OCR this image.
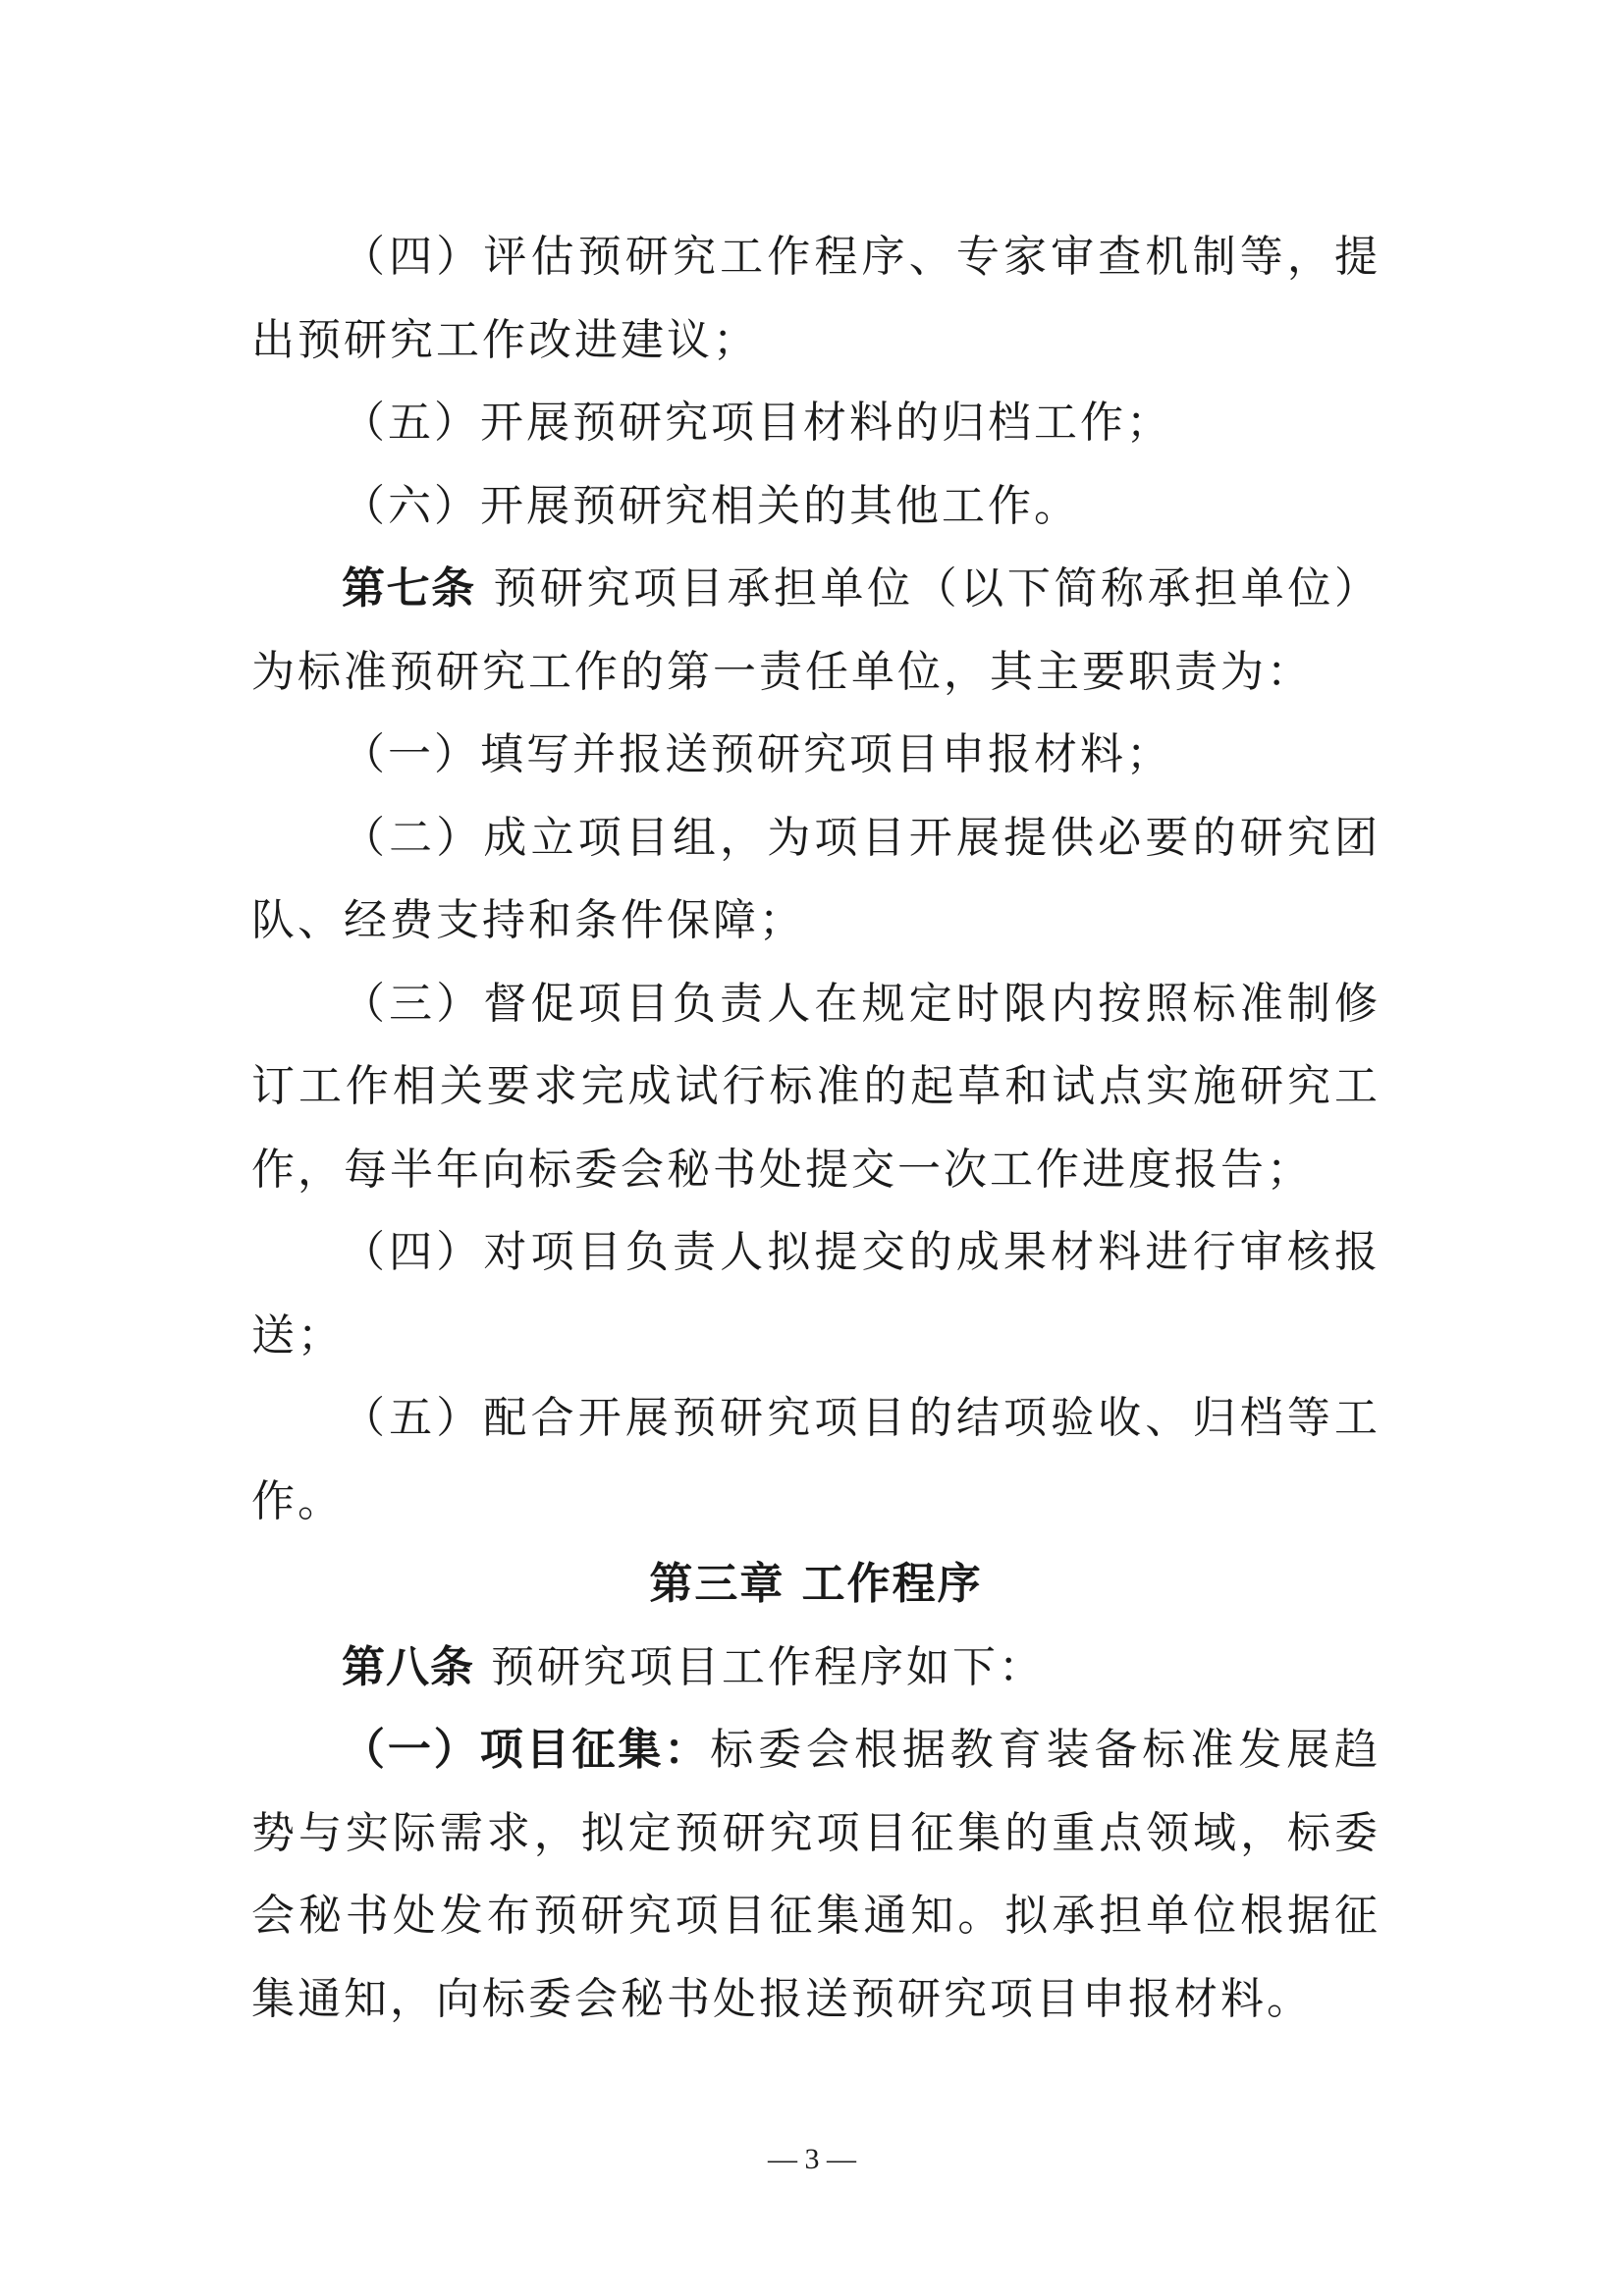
（四）评估预研究工作程序、专家审查机制等，提出预研究工作改进建议；

（五）开展预研究项目材料的归档工作；

（六）开展预研究相关的其他工作。

第七条 预研究项目承担单位（以下简称承担单位）为标准预研究工作的第一责任单位，其主要职责为：

（一）填写并报送预研究项目申报材料；

（二）成立项目组，为项目开展提供必要的研究团队、经费支持和条件保障；

（三）督促项目负责人在规定时限内按照标准制修订工作相关要求完成试行标准的起草和试点实施研究工作，每半年向标委会秘书处提交一次工作进度报告；

（四）对项目负责人拟提交的成果材料进行审核报送；

（五）配合开展预研究项目的结项验收、归档等工作。

第三章 工作程序

第八条 预研究项目工作程序如下：

（一）项目征集：标委会根据教育装备标准发展趋势与实际需求，拟定预研究项目征集的重点领域，标委会秘书处发布预研究项目征集通知。拟承担单位根据征集通知，向标委会秘书处报送预研究项目申报材料。

— 3 —
